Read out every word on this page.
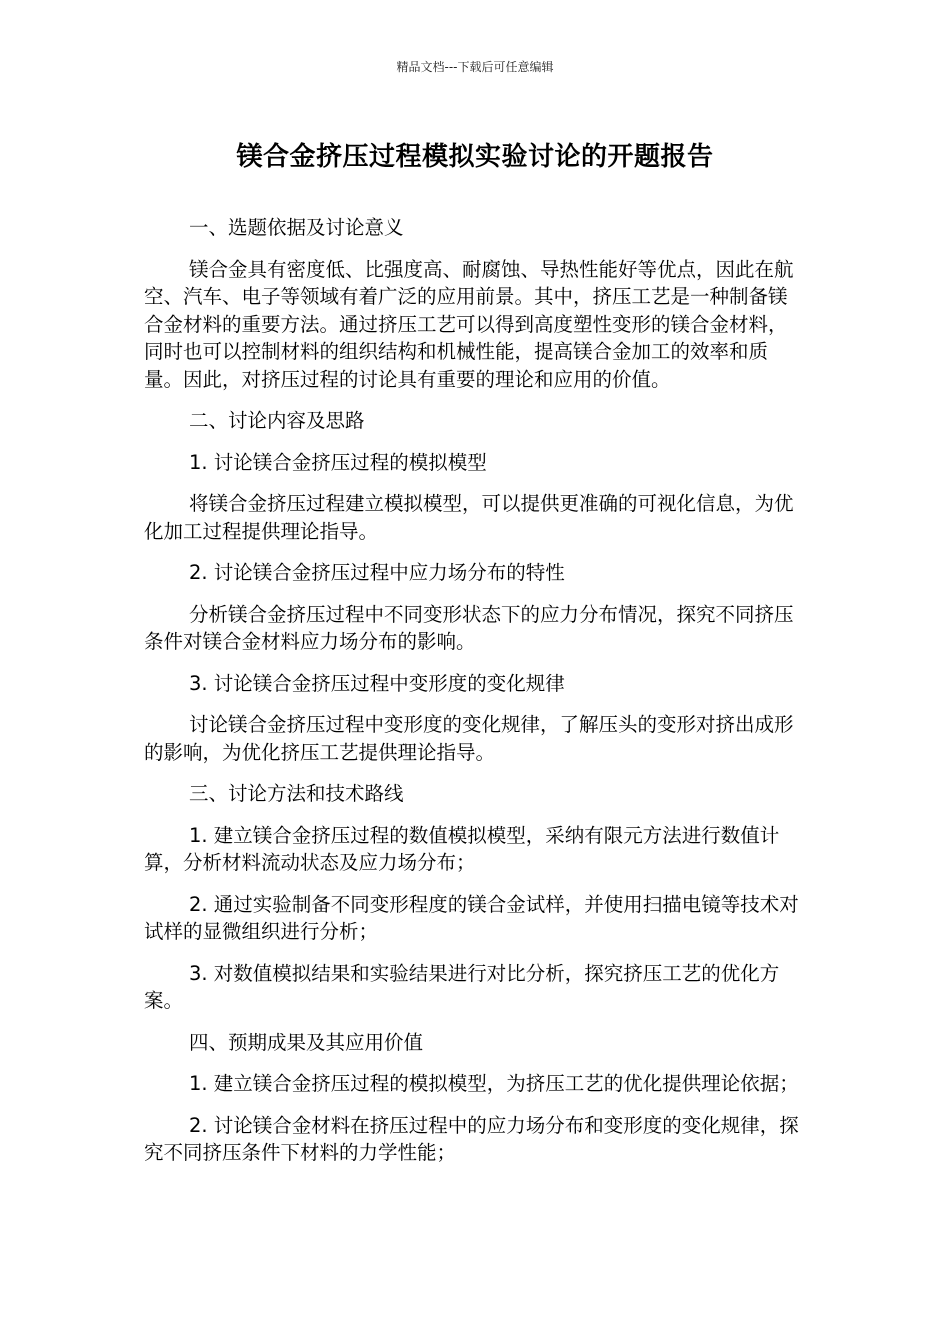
精品文档---下载后可任意编辑
镁合金挤压过程模拟实验讨论的开题报告

一、选题依据及讨论意义

镁合金具有密度低、比强度高、耐腐蚀、导热性能好等优点，因此在航空、汽车、电子等领域有着广泛的应用前景。其中，挤压工艺是一种制备镁合金材料的重要方法。通过挤压工艺可以得到高度塑性变形的镁合金材料，同时也可以控制材料的组织结构和机械性能，提高镁合金加工的效率和质量。因此，对挤压过程的讨论具有重要的理论和应用的价值。

二、讨论内容及思路

1. 讨论镁合金挤压过程的模拟模型

将镁合金挤压过程建立模拟模型，可以提供更准确的可视化信息，为优化加工过程提供理论指导。

2. 讨论镁合金挤压过程中应力场分布的特性

分析镁合金挤压过程中不同变形状态下的应力分布情况，探究不同挤压条件对镁合金材料应力场分布的影响。

3. 讨论镁合金挤压过程中变形度的变化规律

讨论镁合金挤压过程中变形度的变化规律，了解压头的变形对挤出成形的影响，为优化挤压工艺提供理论指导。

三、讨论方法和技术路线

1. 建立镁合金挤压过程的数值模拟模型，采纳有限元方法进行数值计算，分析材料流动状态及应力场分布；

2. 通过实验制备不同变形程度的镁合金试样，并使用扫描电镜等技术对试样的显微组织进行分析；

3. 对数值模拟结果和实验结果进行对比分析，探究挤压工艺的优化方案。

四、预期成果及其应用价值

1. 建立镁合金挤压过程的模拟模型，为挤压工艺的优化提供理论依据；

2. 讨论镁合金材料在挤压过程中的应力场分布和变形度的变化规律，探究不同挤压条件下材料的力学性能；
